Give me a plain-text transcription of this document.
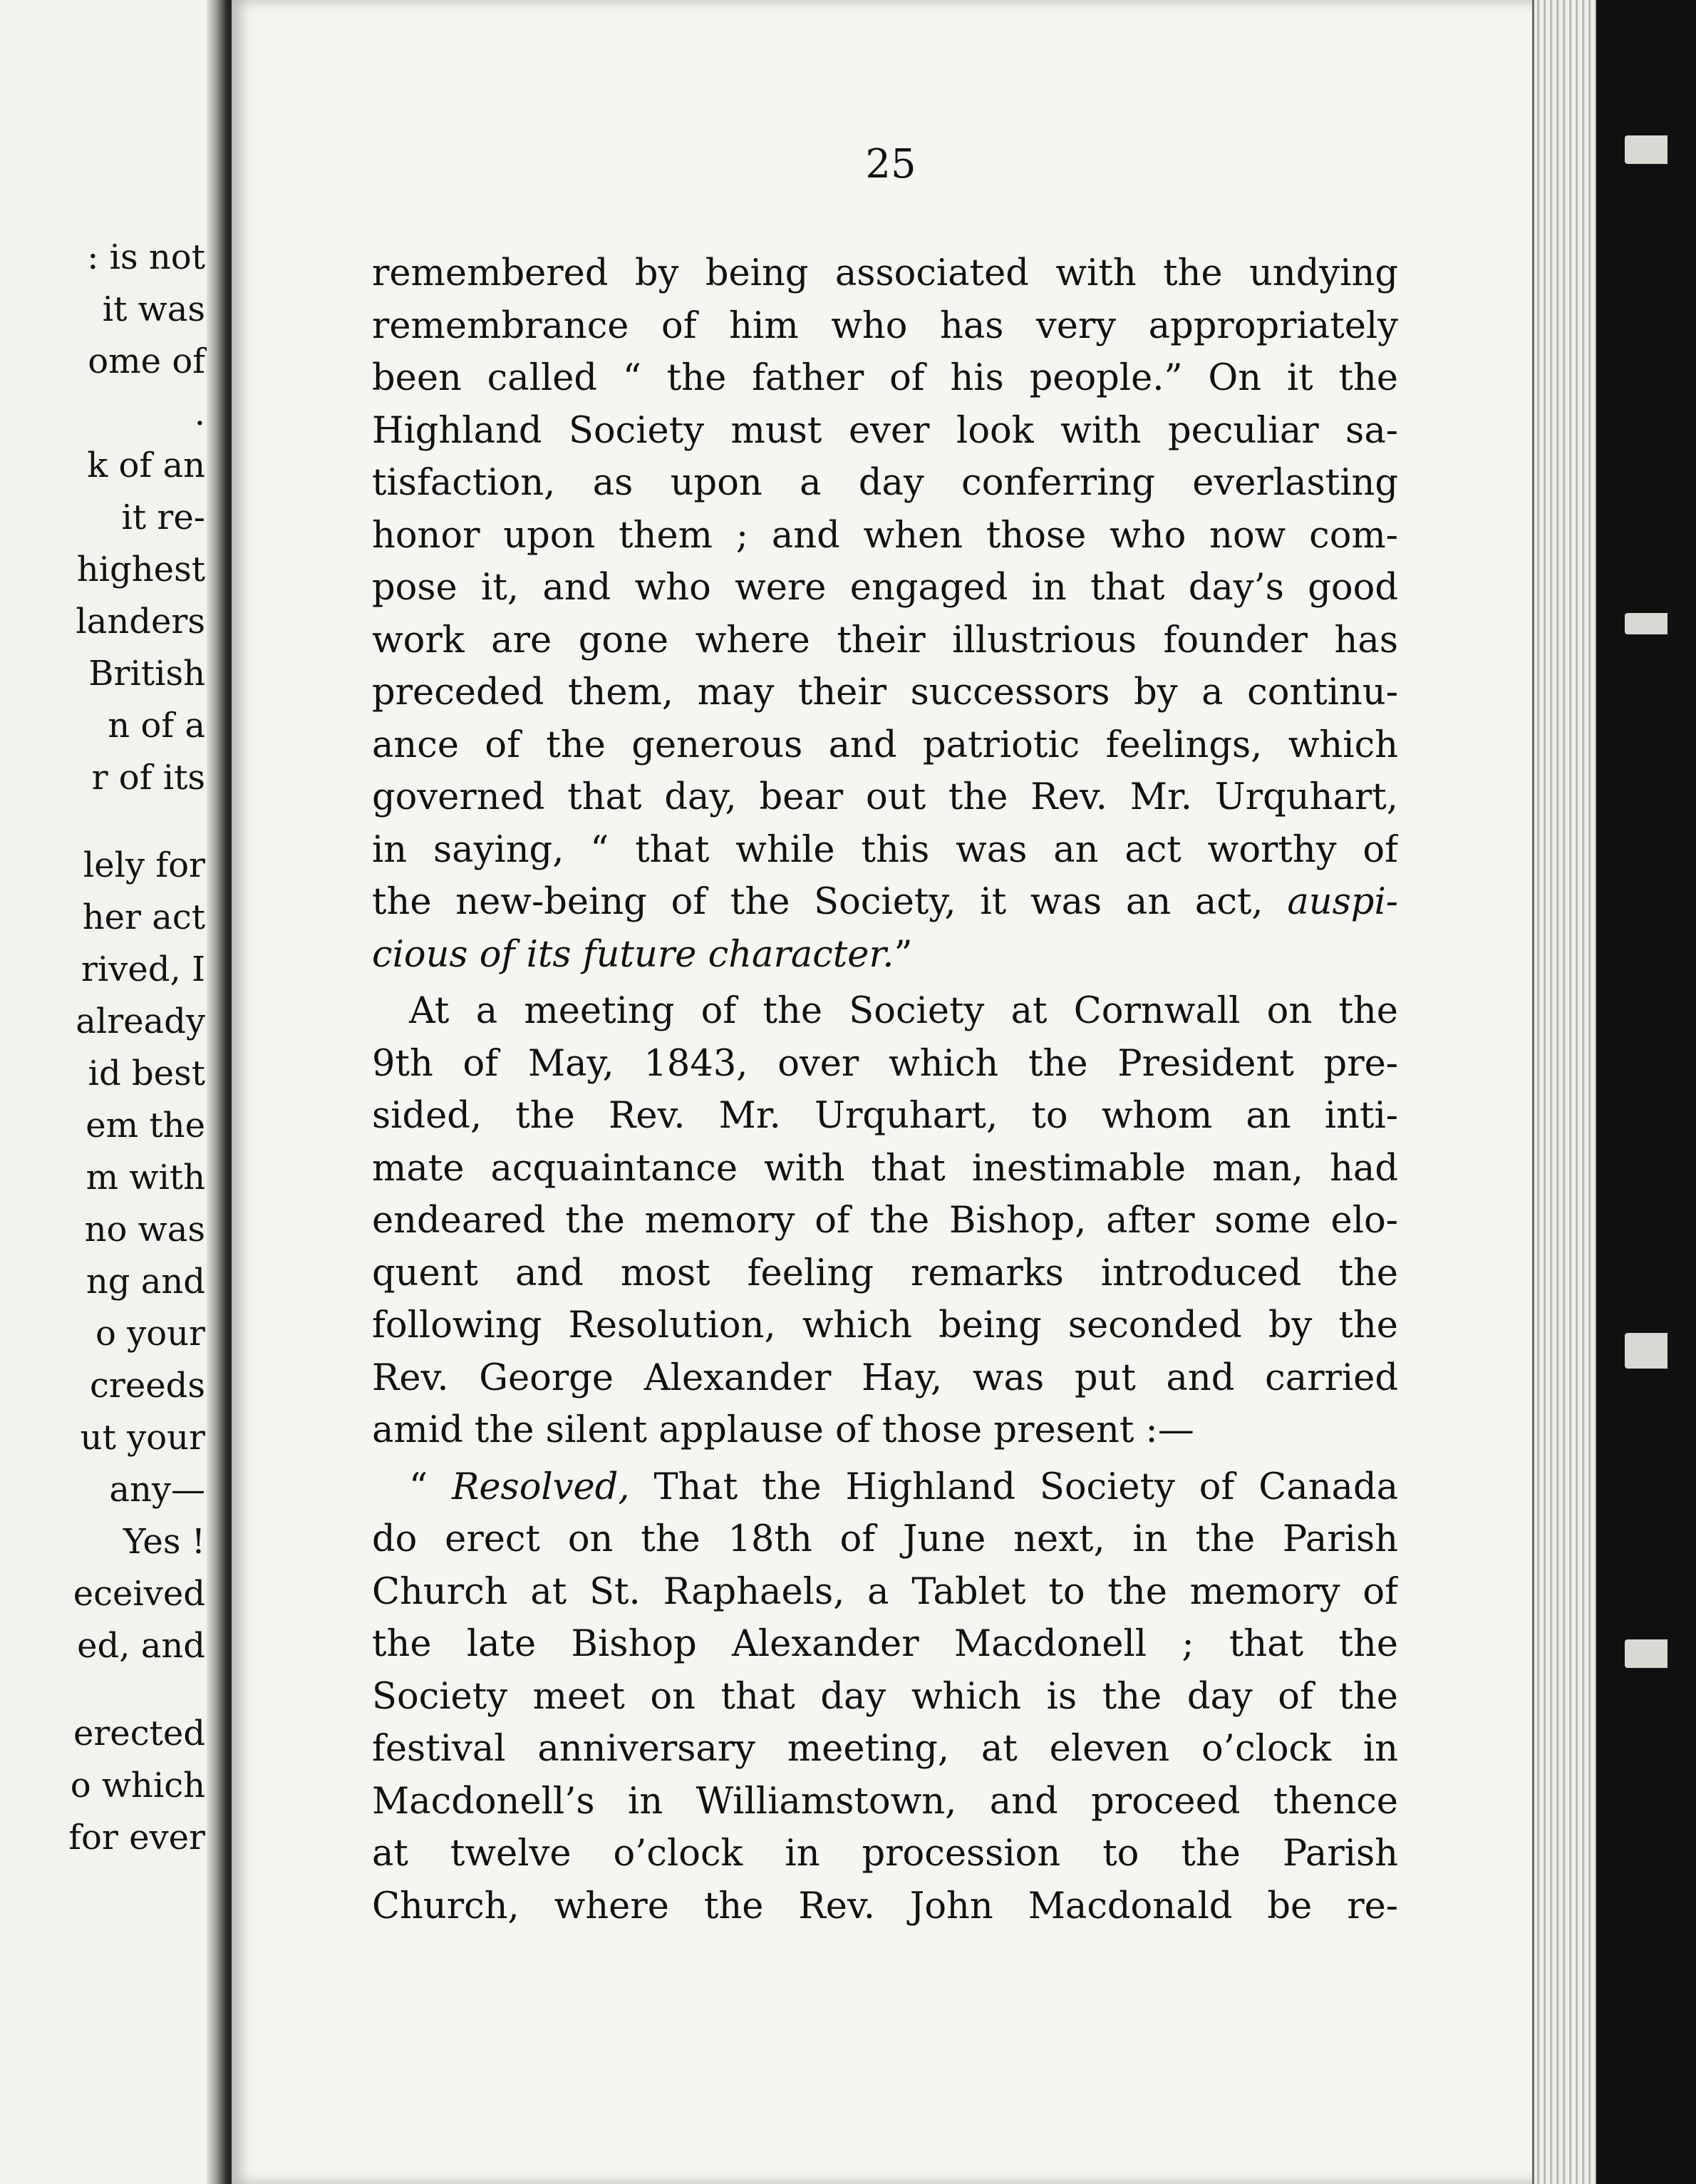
: is not
it was
ome of
.
k of an
it re-
highest
landers
British
n of a
r of its
lely for
her act
rived, I
already
id best
em the
m with
no was
ng and
o your
creeds
ut your
any—
Yes !
eceived
ed, and
erected
o which
for ever
25
remembered by being associated with the undying
remembrance of him who has very appropriately
been called “ the father of his people.” On it the
Highland Society must ever look with peculiar sa-
tisfaction, as upon a day conferring everlasting
honor upon them ; and when those who now com-
pose it, and who were engaged in that day’s good
work are gone where their illustrious founder has
preceded them, may their successors by a continu-
ance of the generous and patriotic feelings, which
governed that day, bear out the Rev. Mr. Urquhart,
in saying, “ that while this was an act worthy of
the new-being of the Society, it was an act, auspi-
cious of its future character.”
At a meeting of the Society at Cornwall on the
9th of May, 1843, over which the President pre-
sided, the Rev. Mr. Urquhart, to whom an inti-
mate acquaintance with that inestimable man, had
endeared the memory of the Bishop, after some elo-
quent and most feeling remarks introduced the
following Resolution, which being seconded by the
Rev. George Alexander Hay, was put and carried
amid the silent applause of those present :—
“ Resolved, That the Highland Society of Canada
do erect on the 18th of June next, in the Parish
Church at St. Raphaels, a Tablet to the memory of
the late Bishop Alexander Macdonell ; that the
Society meet on that day which is the day of the
festival anniversary meeting, at eleven o’clock in
Macdonell’s in Williamstown, and proceed thence
at twelve o’clock in procession to the Parish
Church, where the Rev. John Macdonald be re-
